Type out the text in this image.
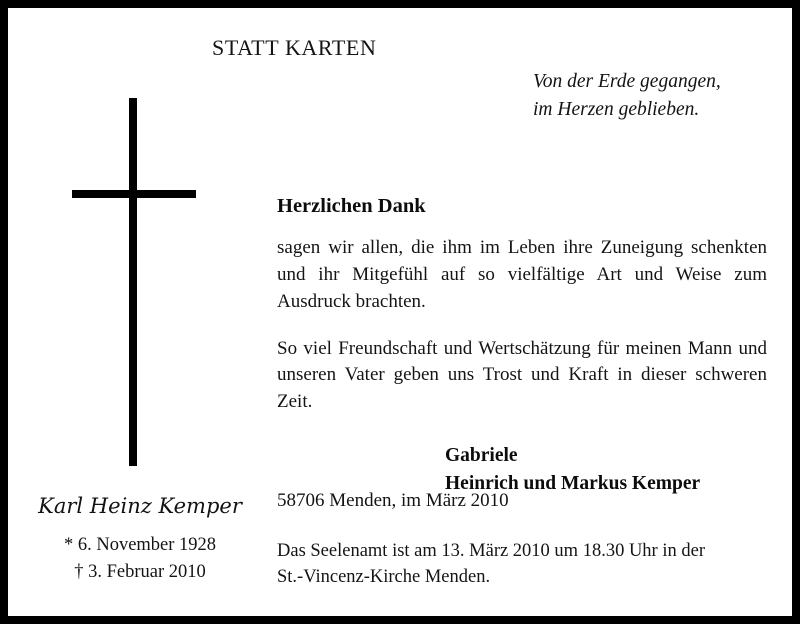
STATT KARTEN
Von der Erde gegangen,
im Herzen geblieben.
Karl Heinz Kemper
* 6. November 1928
† 3. Februar 2010
Herzlichen Dank

sagen wir allen, die ihm im Leben ihre Zuneigung schenkten und ihr Mitgefühl auf so vielfältige Art und Weise zum Ausdruck brachten.

So viel Freundschaft und Wertschätzung für meinen Mann und unseren Vater geben uns Trost und Kraft in dieser schweren Zeit.

Gabriele
Heinrich und Markus Kemper
58706 Menden, im März 2010
Das Seelenamt ist am 13. März 2010 um 18.30 Uhr in der
St.-Vincenz-Kirche Menden.
